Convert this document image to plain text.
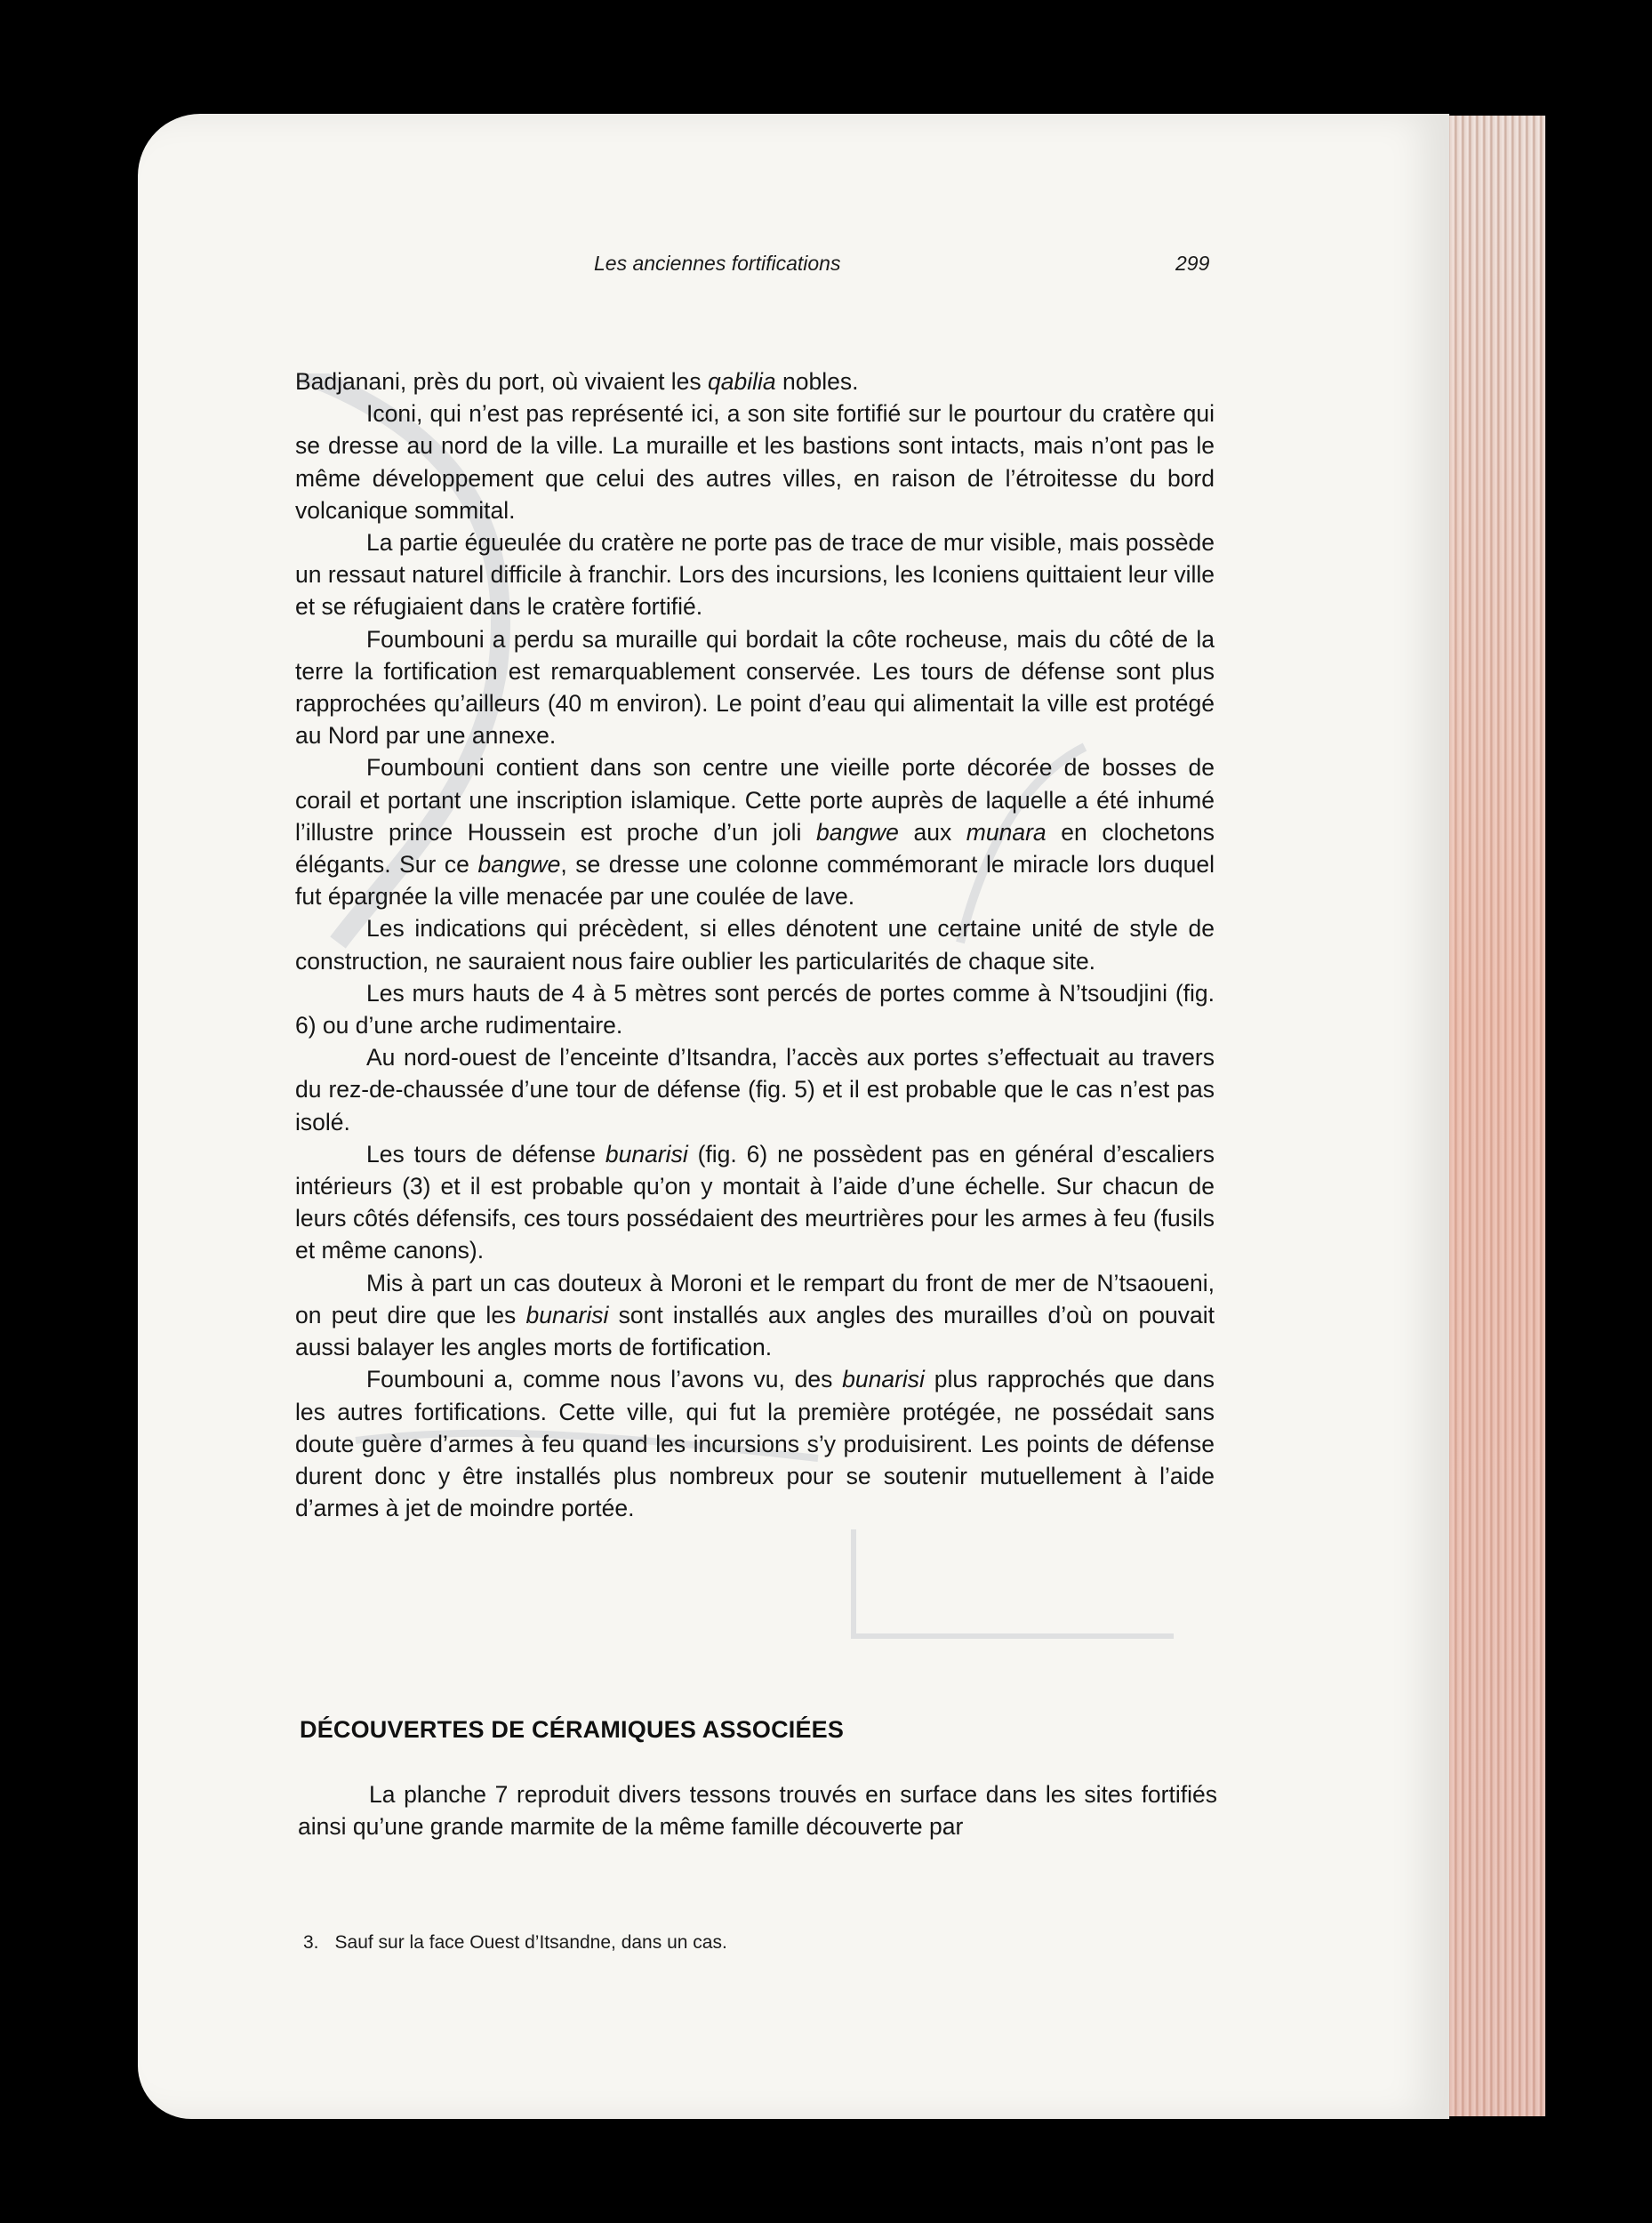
Les anciennes fortifications	299

Badjanani, près du port, où vivaient les qabilia nobles.

Iconi, qui n’est pas représenté ici, a son site fortifié sur le pourtour du cratère qui se dresse au nord de la ville. La muraille et les bastions sont intacts, mais n’ont pas le même développement que celui des autres villes, en raison de l’étroitesse du bord volcanique sommital.

La partie égueulée du cratère ne porte pas de trace de mur visible, mais possède un ressaut naturel difficile à franchir. Lors des incursions, les Iconiens quittaient leur ville et se réfugiaient dans le cratère fortifié.

Foumbouni a perdu sa muraille qui bordait la côte rocheuse, mais du côté de la terre la fortification est remarquablement conservée. Les tours de défense sont plus rapprochées qu’ailleurs (40 m environ). Le point d’eau qui alimentait la ville est protégé au Nord par une annexe.

Foumbouni contient dans son centre une vieille porte décorée de bosses de corail et portant une inscription islamique. Cette porte auprès de laquelle a été inhumé l’illustre prince Houssein est proche d’un joli bangwe aux munara en clochetons élégants. Sur ce bangwe, se dresse une colonne commémorant le miracle lors duquel fut épargnée la ville menacée par une coulée de lave.

Les indications qui précèdent, si elles dénotent une certaine unité de style de construction, ne sauraient nous faire oublier les particularités de chaque site.

Les murs hauts de 4 à 5 mètres sont percés de portes comme à N’tsoudjini (fig. 6) ou d’une arche rudimentaire.

Au nord-ouest de l’enceinte d’Itsandra, l’accès aux portes s’effectuait au travers du rez-de-chaussée d’une tour de défense (fig. 5) et il est probable que le cas n’est pas isolé.

Les tours de défense bunarisi (fig. 6) ne possèdent pas en général d’escaliers intérieurs (3) et il est probable qu’on y montait à l’aide d’une échelle. Sur chacun de leurs côtés défensifs, ces tours possédaient des meurtrières pour les armes à feu (fusils et même canons).

Mis à part un cas douteux à Moroni et le rempart du front de mer de N’tsaoueni, on peut dire que les bunarisi sont installés aux angles des murailles d’où on pouvait aussi balayer les angles morts de fortification.

Foumbouni a, comme nous l’avons vu, des bunarisi plus rapprochés que dans les autres fortifications. Cette ville, qui fut la première protégée, ne possédait sans doute guère d’armes à feu quand les incursions s’y produisirent. Les points de défense durent donc y être installés plus nombreux pour se soutenir mutuellement à l’aide d’armes à jet de moindre portée.

DÉCOUVERTES DE CÉRAMIQUES ASSOCIÉES

La planche 7 reproduit divers tessons trouvés en surface dans les sites fortifiés ainsi qu’une grande marmite de la même famille découverte par

3. Sauf sur la face Ouest d’Itsandne, dans un cas.
